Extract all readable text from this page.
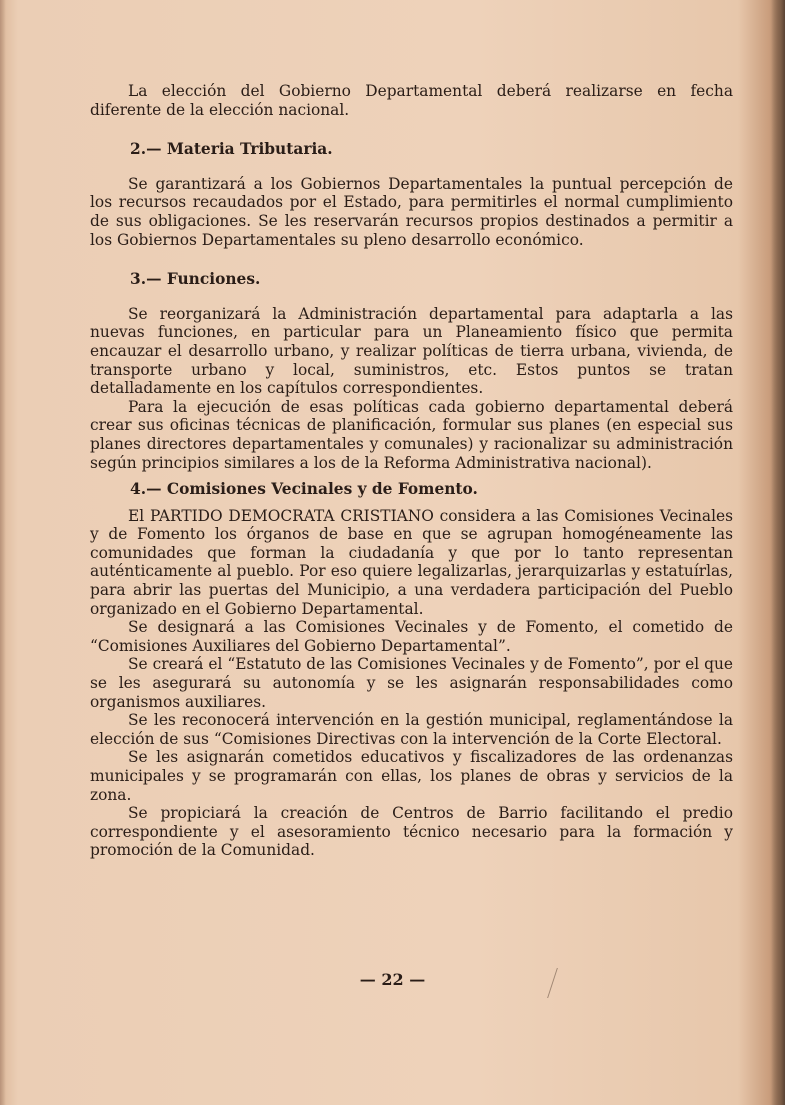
La elección del Gobierno Departamental deberá realizarse en fecha diferente de la elección nacional.

2.— Materia Tributaria.

Se garantizará a los Gobiernos Departamentales la puntual percepción de los recursos recaudados por el Estado, para permitirles el normal cumplimiento de sus obligaciones. Se les reservarán recursos propios destinados a permitir a los Gobiernos Departamentales su pleno desarrollo económico.

3.— Funciones.

Se reorganizará la Administración departamental para adaptarla a las nuevas funciones, en particular para un Planeamiento físico que permita encauzar el desarrollo urbano, y realizar políticas de tierra urbana, vivienda, de transporte urbano y local, suministros, etc. Estos puntos se tratan detalladamente en los capítulos correspondientes.

Para la ejecución de esas políticas cada gobierno departamental deberá crear sus oficinas técnicas de planificación, formular sus planes (en especial sus planes directores departamentales y comunales) y racionalizar su administración según principios similares a los de la Reforma Administrativa nacional).

4.— Comisiones Vecinales y de Fomento.

El PARTIDO DEMOCRATA CRISTIANO considera a las Comisiones Vecinales y de Fomento los órganos de base en que se agrupan homogéneamente las comunidades que forman la ciudadanía y que por lo tanto representan auténticamente al pueblo. Por eso quiere legalizarlas, jerarquizarlas y estatuírlas, para abrir las puertas del Municipio, a una verdadera participación del Pueblo organizado en el Gobierno Departamental.

Se designará a las Comisiones Vecinales y de Fomento, el cometido de “Comisiones Auxiliares del Gobierno Departamental”.

Se creará el “Estatuto de las Comisiones Vecinales y de Fomento”, por el que se les asegurará su autonomía y se les asignarán responsabilidades como organismos auxiliares.

Se les reconocerá intervención en la gestión municipal, reglamentándose la elección de sus “Comisiones Directivas con la intervención de la Corte Electoral.

Se les asignarán cometidos educativos y fiscalizadores de las ordenanzas municipales y se programarán con ellas, los planes de obras y servicios de la zona.

Se propiciará la creación de Centros de Barrio facilitando el predio correspondiente y el asesoramiento técnico necesario para la formación y promoción de la Comunidad.

— 22 —
